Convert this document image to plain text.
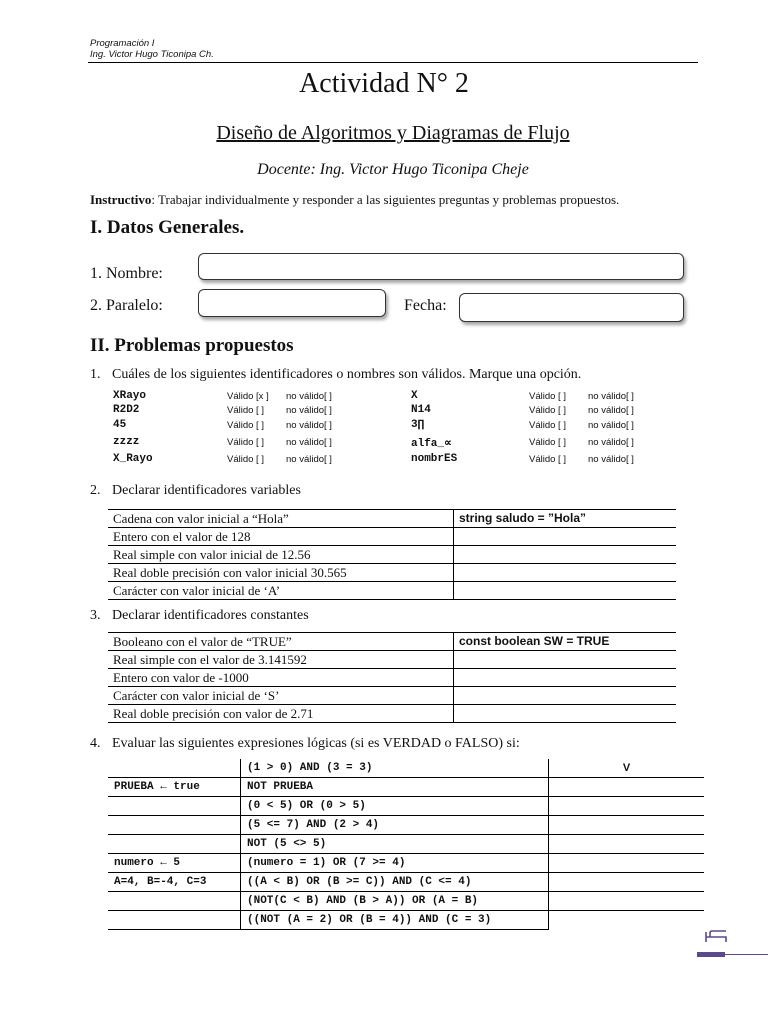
Programación I
Ing. Victor Hugo Ticonipa Ch.
Actividad N° 2
Diseño de Algoritmos y Diagramas de Flujo
Docente: Ing. Victor Hugo Ticonipa Cheje
Instructivo: Trabajar individualmente y responder a las siguientes preguntas y problemas propuestos.
I. Datos Generales.
1. Nombre:
2. Paralelo:	Fecha:
II. Problemas propuestos
1. Cuáles de los siguientes identificadores o nombres son válidos. Marque una opción.
XRayo	Válido [x ] no válido[ ]
R2D2	Válido [ ] no válido[ ]
45	Válido [ ] no válido[ ]
zzzz	Válido [ ] no válido[ ]
X_Rayo	Válido [ ] no válido[ ]
X	Válido [ ] no válido[ ]
N14	Válido [ ] no válido[ ]
3∏	Válido [ ] no válido[ ]
alfa_∝	Válido [ ] no válido[ ]
nombrES	Válido [ ] no válido[ ]
2. Declarar identificadores variables
Cadena con valor inicial a “Hola”	string saludo = ”Hola”
Entero con el valor de 128	
Real simple con valor inicial de 12.56	
Real doble precisión con valor inicial 30.565	
Carácter con valor inicial de ‘A’	
3. Declarar identificadores constantes
Booleano con el valor de “TRUE”	const boolean SW = TRUE
Real simple con el valor de 3.141592	
Entero con valor de -1000	
Carácter con valor inicial de ‘S’	
Real doble precisión con valor de 2.71	
4. Evaluar las siguientes expresiones lógicas (si es VERDAD o FALSO) si:
	(1 > 0) AND (3 = 3)	V
PRUEBA ← true	NOT PRUEBA	
	(0 < 5) OR (0 > 5)	
	(5 <= 7) AND (2 > 4)	
	NOT (5 <> 5)	
numero ← 5	(numero = 1) OR (7 >= 4)	
A=4, B=-4, C=3	((A < B) OR (B >= C)) AND (C <= 4)	
	(NOT(C < B) AND (B > A)) OR (A = B)	
	((NOT (A = 2) OR (B = 4)) AND (C = 3)	
